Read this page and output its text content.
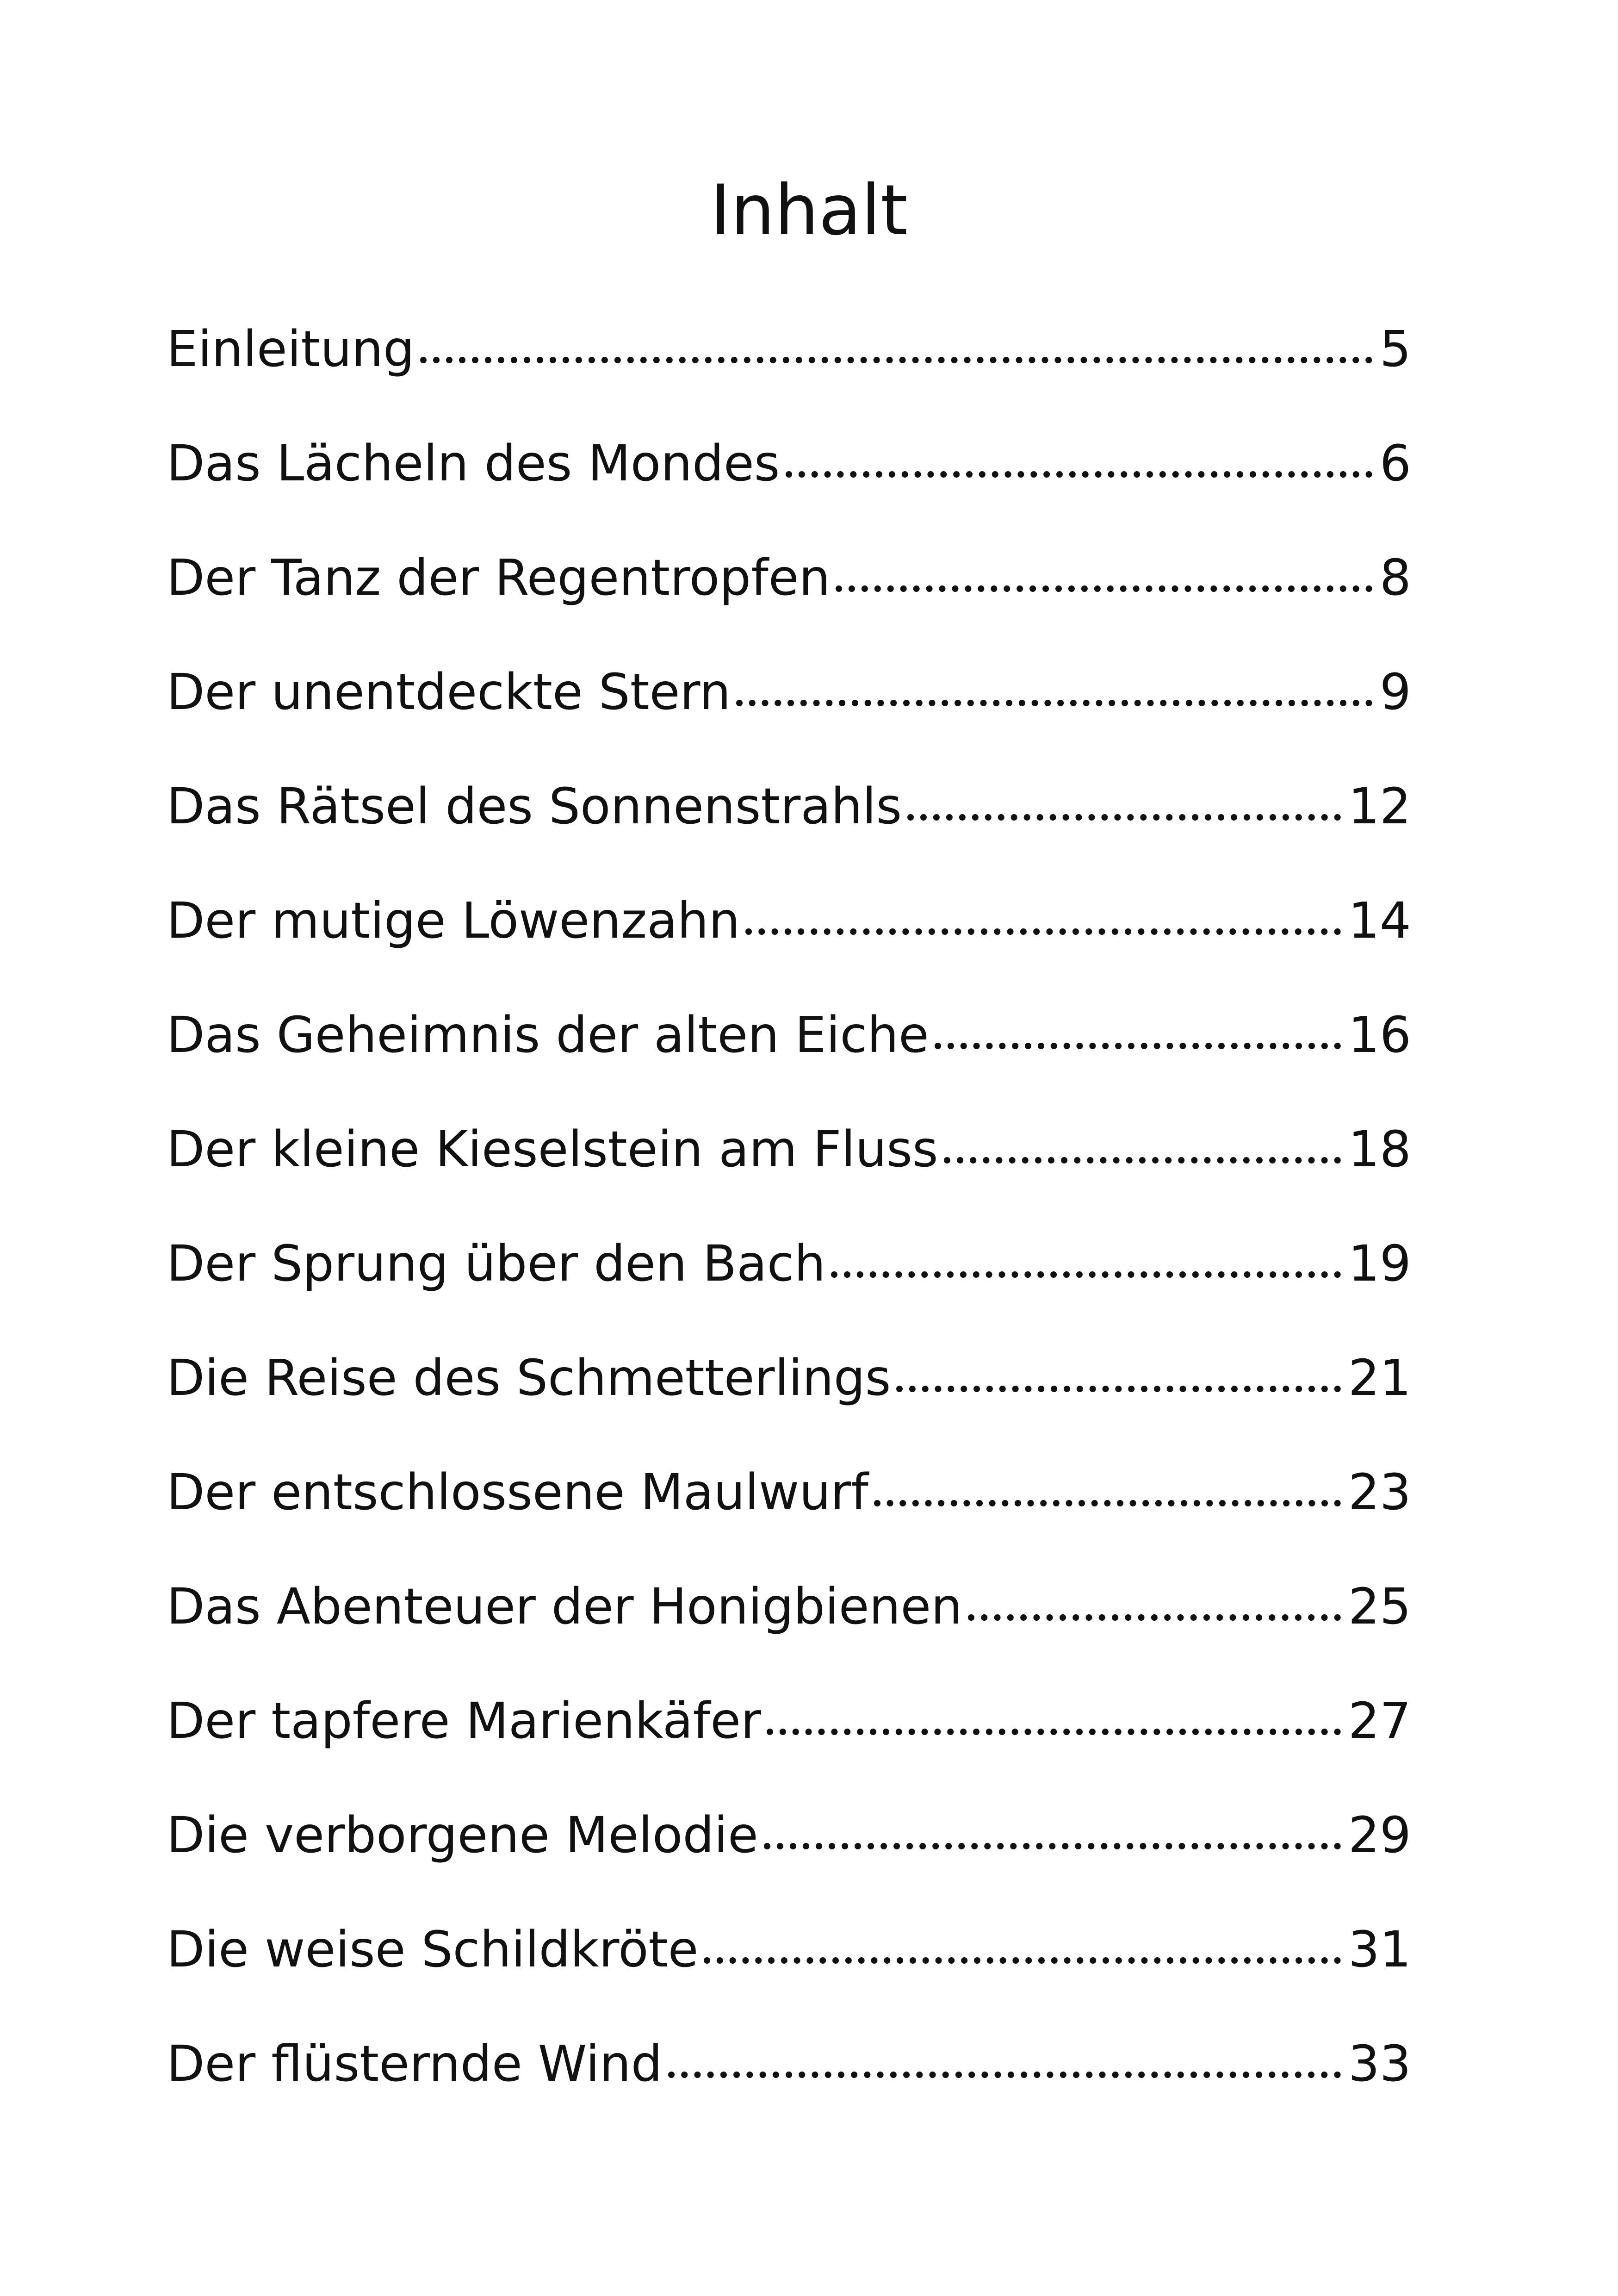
Inhalt
Einleitung	5
Das Lächeln des Mondes	6
Der Tanz der Regentropfen	8
Der unentdeckte Stern	9
Das Rätsel des Sonnenstrahls	12
Der mutige Löwenzahn	14
Das Geheimnis der alten Eiche	16
Der kleine Kieselstein am Fluss	18
Der Sprung über den Bach	19
Die Reise des Schmetterlings	21
Der entschlossene Maulwurf	23
Das Abenteuer der Honigbienen	25
Der tapfere Marienkäfer	27
Die verborgene Melodie	29
Die weise Schildkröte	31
Der flüsternde Wind	33
